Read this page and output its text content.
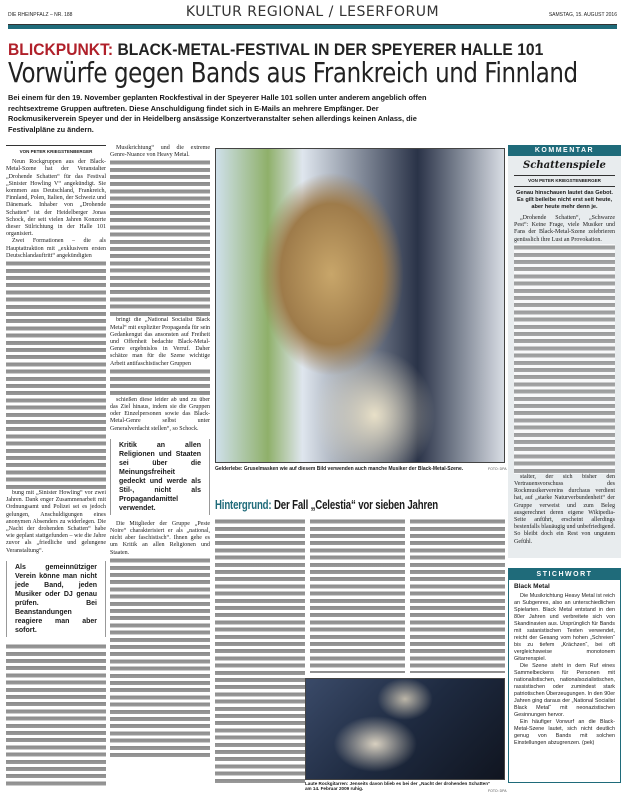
DIE RHEINPFALZ – NR. 188	KULTUR REGIONAL / LESERFORUM	SAMSTAG, 15. AUGUST 2016
BLICKPUNKT: BLACK-METAL-FESTIVAL IN DER SPEYERER HALLE 101
Vorwürfe gegen Bands aus Frankreich und Finnland
Bei einem für den 19. November geplanten Rockfestival in der Speyerer Halle 101 sollen unter anderem angeblich offen rechtsextreme Gruppen auftreten. Diese Anschuldigung findet sich in E-Mails an mehrere Empfänger. Der Rockmusikerverein Speyer und der in Heidelberg ansässige Konzertveranstalter sehen allerdings keinen Anlass, die Festivalpläne zu ändern.
VON PETER KRIEGSTENBERGER

Neun Rockgruppen aus der Black-Metal-Szene hat der Veranstalter „Drohende Schatten“ für das Festival „Sinister Howling V“ angekündigt. Sie kommen aus Deutschland, Frankreich, Finnland, Polen, Italien, der Schweiz und Dänemark. Inhaber von „Drohende Schatten“ ist der Heidelberger Jonas Schock, der seit vielen Jahren Konzerte dieser Stilrichtung in der Halle 101 organisiert.

Zwei Formationen – die als Hauptattraktion mit „exklusivem ersten Deutschlandauftritt“ angekündigten

bung mit „Sinister Howling“ vor zwei Jahren. Dank enger Zusammenarbeit mit Ordnungsamt und Polizei sei es jedoch gelungen, Anschuldigungen eines anonymen Absenders zu widerlegen. Die „Nacht der drohenden Schatten“ habe wie geplant stattgefunden – wie die Jahre zuvor als „friedliche und gelungene Veranstaltung“.

Als gemeinnütziger Verein könne man nicht jede Band, jeden Musiker oder DJ genau prüfen. Bei Beanstandungen reagiere man aber sofort.

Musikrichtung“ und die extreme Genre-Nuance von Heavy Metal.

bringt die „National Socialist Black Metal“ mit expliziter Propaganda für sein Gedankengut das ansonsten auf Freiheit und Offenheit bedachte Black-Metal-Genre ergebnislos in Verruf. Daher schätze man für die Szene wichtige Arbeit antifaschistischer Gruppen

schießen diese leider ab und zu über das Ziel hinaus, indem sie die Gruppen oder Einzelpersonen sowie das Black-Metal-Genre selbst unter Generalverdacht stellen“, so Schock.

Kritik an allen Religionen und Staaten sei über die Meinungsfreiheit gedeckt und werde als Stil-, nicht als Propagandamittel verwendet.

Die Mitglieder der Gruppe „Peste Noire“ charakterisiert er als „national, nicht aber faschistisch“. Ihnen gehe es um Kritik an allen Religionen und Staaten.

Gelderlebe: Gruselmasken wie auf diesem Bild verwenden auch manche Musiker der Black-Metal-Szene.	FOTO: DPA
Hintergrund: Der Fall „Celestia“ vor sieben Jahren
Laute Rockgitarren: Jenseits davon blieb es bei der „Nacht der drohenden Schatten“ am 14. Februar 2009 ruhig.	FOTO: DPA
KOMMENTAR
Schattenspiele
VON PETER KRIEGSTENBERGER
Genau hinschauen lautet das Gebot. Es gilt beileibe nicht erst seit heute, aber heute mehr denn je.

„Drohende Schatten“, „Schwarze Pest“: Keine Frage, viele Musiker und Fans der Black-Metal-Szene zelebrieren genüsslich ihre Lust an Provokation.

stalter, der sich bisher den Vertrauensvorschuss des Rockmusikervereins durchaus verdient hat, auf „starke Naturverbundenheit“ der Gruppe verweist und zum Beleg ausgerechnet deren eigene Wikipedia-Seite anführt, erscheint allerdings bestenfalls blauäugig und unbefriedigend. So bleibt doch ein Rest von ungutem Gefühl.

STICHWORT
Black Metal

Die Musikrichtung Heavy Metal ist reich an Subgenres, also an unterschiedlichen Spielarten. Black Metal entstand in den 80er Jahren und verbreitete sich von Skandinavien aus. Ursprünglich für Bands mit satanistischen Texten verwendet, reicht der Gesang vom hohen „Schreien“ bis zu tiefem „Krächzen“, bei oft vergleichsweise monotonem Gitarrenspiel.

Die Szene steht in dem Ruf eines Sammelbeckens für Personen mit nationalistischen, nationalsozialistischen, rassistischen oder zumindest stark patriotischen Überzeugungen. In den 90er Jahren ging daraus der „National Socialist Black Metal“ mit neonazistischen Gesinnungen hervor.

Ein häufiger Vorwurf an die Black-Metal-Szene lautet, sich nicht deutlich genug von Bands mit solchen Einstellungen abzugrenzen. (pek)
